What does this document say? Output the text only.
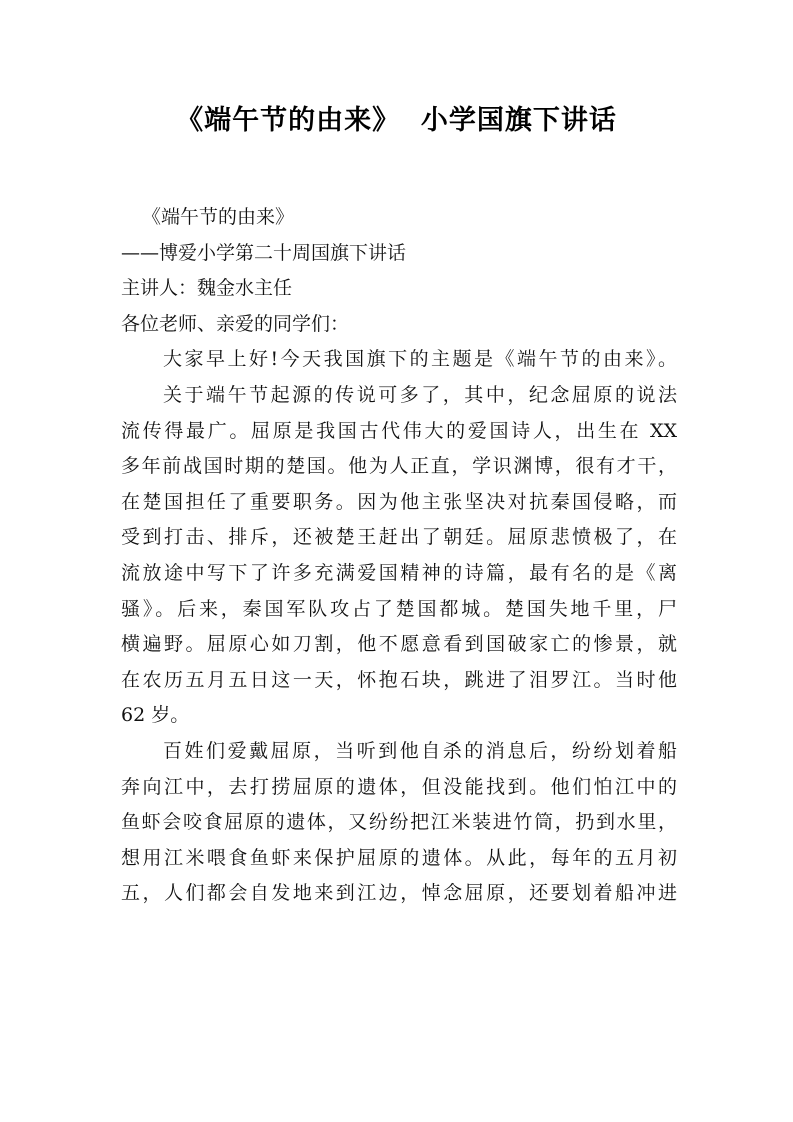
《端午节的由来》  小学国旗下讲话
《端午节的由来》
——博爱小学第二十周国旗下讲话
主讲人：魏金水主任
各位老师、亲爱的同学们：
大家早上好!今天我国旗下的主题是《端午节的由来》。
关于端午节起源的传说可多了，其中，纪念屈原的说法
流传得最广。屈原是我国古代伟大的爱国诗人，出生在 XX
多年前战国时期的楚国。他为人正直，学识渊博，很有才干，
在楚国担任了重要职务。因为他主张坚决对抗秦国侵略，而
受到打击、排斥，还被楚王赶出了朝廷。屈原悲愤极了，在
流放途中写下了许多充满爱国精神的诗篇，最有名的是《离
骚》。后来，秦国军队攻占了楚国都城。楚国失地千里，尸
横遍野。屈原心如刀割，他不愿意看到国破家亡的惨景，就
在农历五月五日这一天，怀抱石块，跳进了泪罗江。当时他
62 岁。
百姓们爱戴屈原，当听到他自杀的消息后，纷纷划着船
奔向江中，去打捞屈原的遗体，但没能找到。他们怕江中的
鱼虾会咬食屈原的遗体，又纷纷把江米装进竹筒，扔到水里，
想用江米喂食鱼虾来保护屈原的遗体。从此，每年的五月初
五，人们都会自发地来到江边，悼念屈原，还要划着船冲进
